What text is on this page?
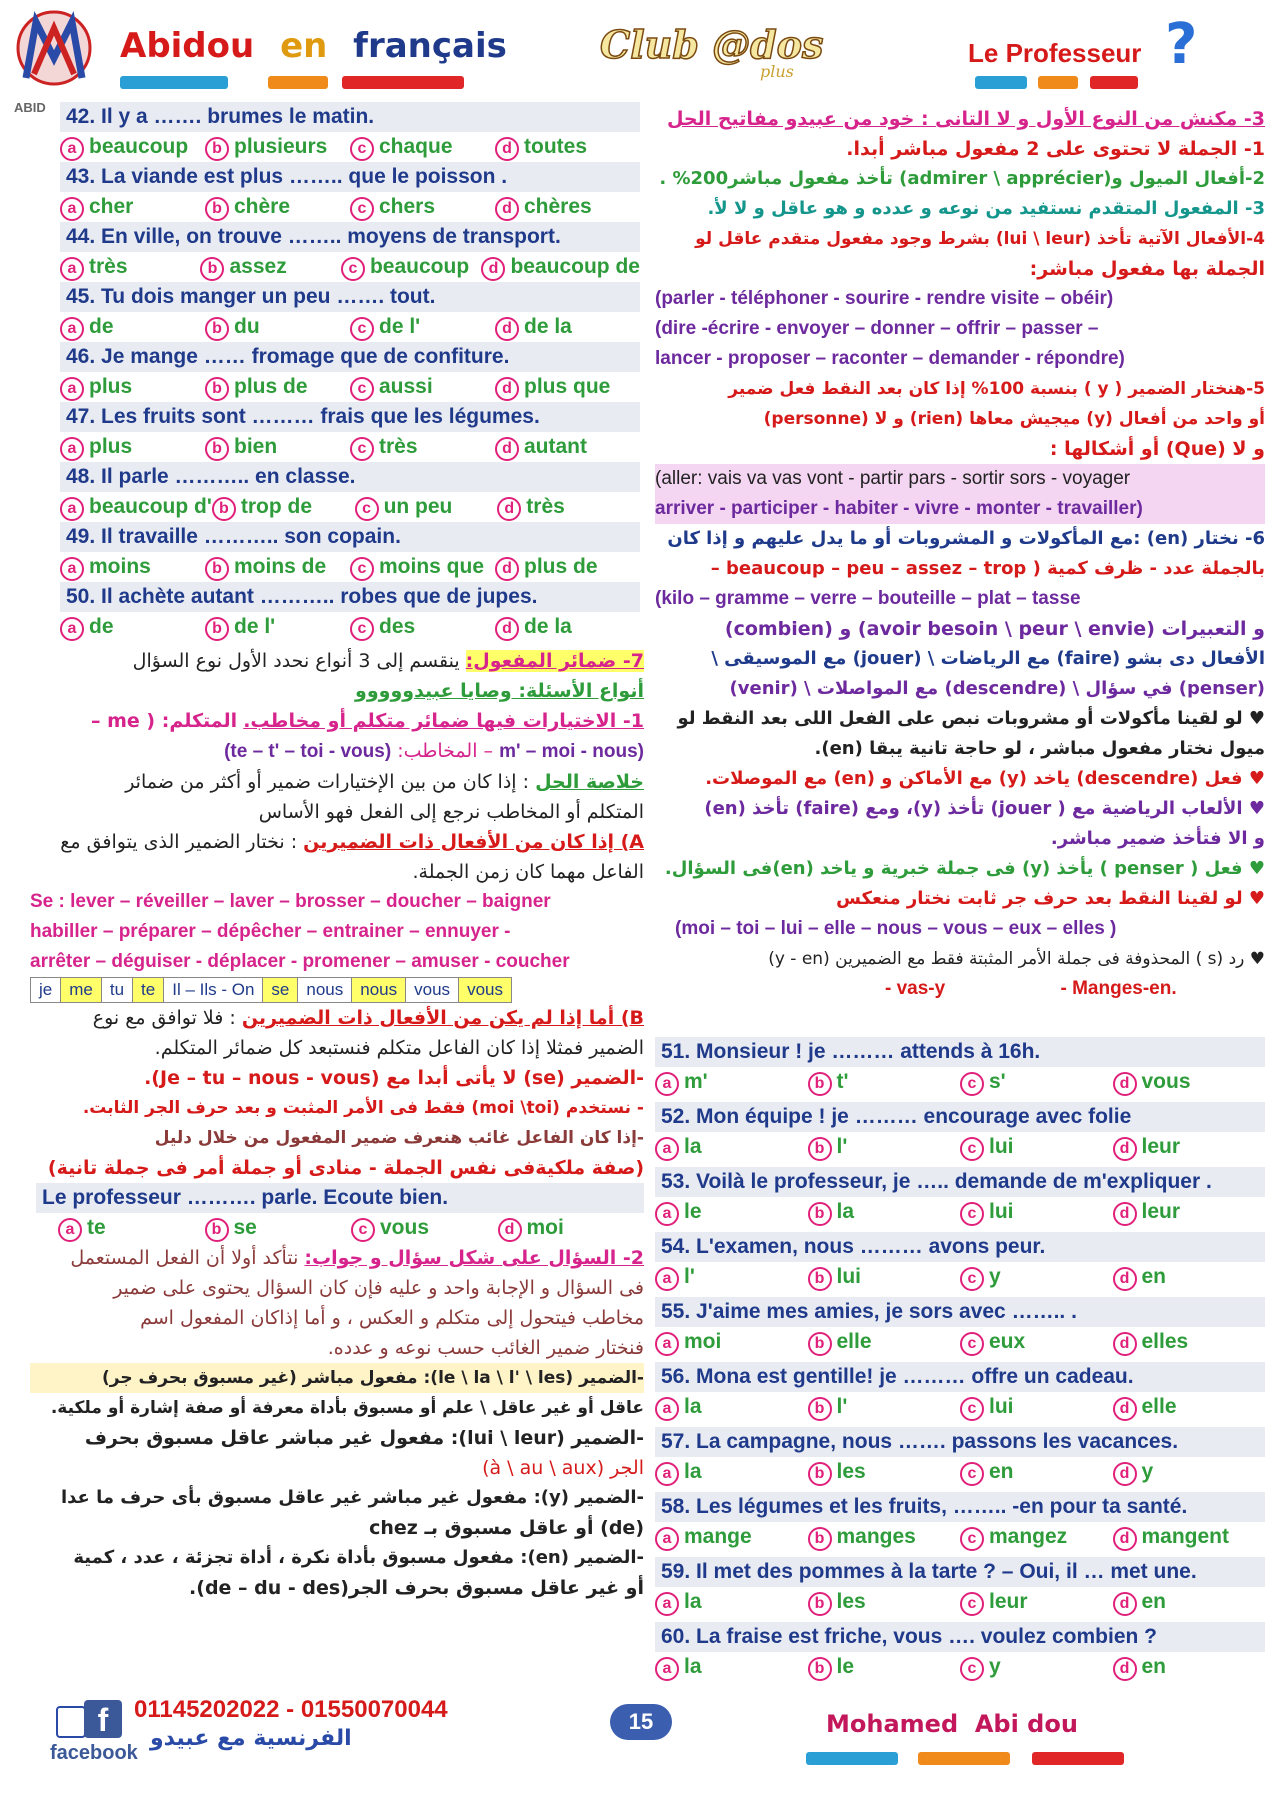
ABID
Abidou en français Club @dos
plus
Le Professeur ?
42. Il y a ……. brumes le matin.
a beaucoup	b plusieurs	c chaque	d toutes
43. La viande est plus …….. que le poisson .
a cher	b chère	c chers	d chères
44. En ville, on trouve …….. moyens de transport.
a très	b assez	c beaucoup	d beaucoup de
45. Tu dois manger un peu ……. tout.
a de	b du	c de l'	d de la
46. Je mange …… fromage que de confiture.
a plus	b plus de	c aussi	d plus que
47. Les fruits sont ……… frais que les légumes.
a plus	b bien	c très	d autant
48. Il parle ……….. en classe.
a beaucoup d' b trop de	c un peu	d très
49. Il travaille ……….. son copain.
a moins	b moins de	c moins que	d plus de
50. Il achète autant ……….. robes que de jupes.
a de	b de l'	c des	d de la
7- ضمائر المفعول: ينقسم إلى 3 أنواع نحدد الأول نوع السؤال
أنواع الأسئلة: وصايا عبيدووووو
1- الاختيارات فيها ضمائر متكلم أو مخاطب. المتكلم: ( me –
(m' – moi - nous – المخاطب: (te – t' – toi - vous)
خلاصة الحل : إذا كان من بين الإختيارات ضمير أو أكثر من ضمائر
المتكلم أو المخاطب نرجع إلى الفعل فهو الأساس
A) إذا كان من الأفعال ذات الضميرين : نختار الضمير الذى يتوافق مع
الفاعل مهما كان زمن الجملة.
Se : lever – réveiller – laver – brosser – doucher – baigner
habiller – préparer – dépêcher – entrainer – ennuyer -
arrêter – déguiser - déplacer - promener – amuser - coucher
je	me	tu	te	Il – Ils - On	se	nous	nous	vous	vous
B) أما إذا لم يكن من الأفعال ذات الضميرين : فلا توافق مع نوع
الضمير فمثلا إذا كان الفاعل متكلم فنستبعد كل ضمائر المتكلم.
-الضمير (se) لا يأتى أبدا مع (Je – tu – nous - vous).
- نستخدم (moi \toi) فقط فى الأمر المثبت و بعد حرف الجر الثابت.
-إذا كان الفاعل غائب هنعرف ضمير المفعول من خلال دليل
(صفة ملكيةفى نفس الجملة - منادى أو جملة أمر فى جملة تانية)
Le professeur ………. parle. Ecoute bien.
a te	b se	c vous	d moi
2- السؤال على شكل سؤال و جواب: نتأكد أولا أن الفعل المستعمل
فى السؤال و الإجابة واحد و عليه فإن كان السؤال يحتوى على ضمير
مخاطب فيتحول إلى متكلم و العكس ، و أما إذاكان المفعول اسم
فنختار ضمير الغائب حسب نوعه و عدده.
-الضمير (le \ la \ l' \ les): مفعول مباشر (غير مسبوق بحرف جر)
عاقل أو غير عاقل \ علم أو مسبوق بأداة معرفة أو صفة إشارة أو ملكية.
-الضمير (lui \ leur): مفعول غير مباشر عاقل مسبوق بحرف
الجر (à \ au \ aux)
-الضمير (y): مفعول غير مباشر غير عاقل مسبوق بأى حرف ما عدا
(de) أو عاقل مسبوق بـ chez
-الضمير (en): مفعول مسبوق بأداة نكرة ، أداة تجزئة ، عدد ، كمية
أو غير عاقل مسبوق بحرف الجر(de – du - des).
3- مكنش من النوع الأول و لا التانى : خود من عبيدو مفاتيح الحل
1- الجملة لا تحتوى على 2 مفعول مباشر أبدا.
2-أفعال الميول و(admirer \ apprécier) تأخذ مفعول مباشر200% .
3- المفعول المتقدم نستفيد من نوعه و عدده و هو عاقل و لا لأ.
4-الأفعال الآتية تأخذ (lui \ leur) بشرط وجود مفعول متقدم عاقل لو
الجملة بها مفعول مباشر:
(parler - téléphoner - sourire - rendre visite – obéir)
(dire -écrire - envoyer – donner – offrir – passer –
lancer - proposer – raconter – demander - répondre)
5-هنختار الضمير ( y ) بنسبة 100% إذا كان بعد النقط فعل ضمير
أو واحد من أفعال (y) ميجيش معاها (rien) و لا (personne)
و لا (Que) أو أشكالها :
(aller: vais va vas vont - partir pars - sortir sors - voyager
arriver - participer - habiter - vivre - monter - travailler)
6- نختار (en) :مع المأكولات و المشروبات أو ما يدل عليهم و إذا كان
بالجملة عدد - ظرف كمية ( beaucoup – peu – assez – trop –
(kilo – gramme – verre – bouteille – plat – tasse
و التعبيرات (avoir besoin \ peur \ envie) و (combien)
الأفعال دى بشو (faire) مع الرياضات \ (jouer) مع الموسيقى \
(penser) في سؤال \ (descendre) مع المواصلات \ (venir)
♥ لو لقينا مأكولات أو مشروبات نبص على الفعل اللى بعد النقط لو
ميول نختار مفعول مباشر ، لو حاجة تانية يبقا (en).
♥ فعل (descendre) ياخد (y) مع الأماكن و (en) مع الموصلات.
♥ الألعاب الرياضية مع ( jouer) تأخذ (y)، ومع (faire) تأخذ (en)
و الا فتأخذ ضمير مباشر.
♥ فعل ( penser ) يأخذ (y) فى جملة خبرية و ياخد (en)فى السؤال.
♥ لو لقينا النقط بعد حرف جر ثابت نختار منعكس
(moi – toi – lui – elle – nous – vous – eux – elles )
♥ رد (s ) المحذوفة فى جملة الأمر المثبتة فقط مع الضميرين (y - en)
- vas-y	- Manges-en.
51. Monsieur ! je ……… attends à 16h.
a m'	b t'	c s'	d vous
52. Mon équipe ! je ……… encourage avec folie
a la	b l'	c lui	d leur
53. Voilà le professeur, je ….. demande de m'expliquer .
a le	b la	c lui	d leur
54. L'examen, nous ……… avons peur.
a l'	b lui	c y	d en
55. J'aime mes amies, je sors avec …….. .
a moi	b elle	c eux	d elles
56. Mona est gentille! je ……… offre un cadeau.
a la	b l'	c lui	d elle
57. La campagne, nous ……. passons les vacances.
a la	b les	c en	d y
58. Les légumes et les fruits, …….. -en pour ta santé.
a mange	b manges	c mangez	d mangent
59. Il met des pommes à la tarte ? – Oui, il … met une.
a la	b les	c leur	d en
60. La fraise est friche, vous …. voulez combien ?
a la	b le	c y	d en
f
facebook
01145202022 - 01550070044
الفرنسية مع عبيدو
15	Mohamed  Abi dou
